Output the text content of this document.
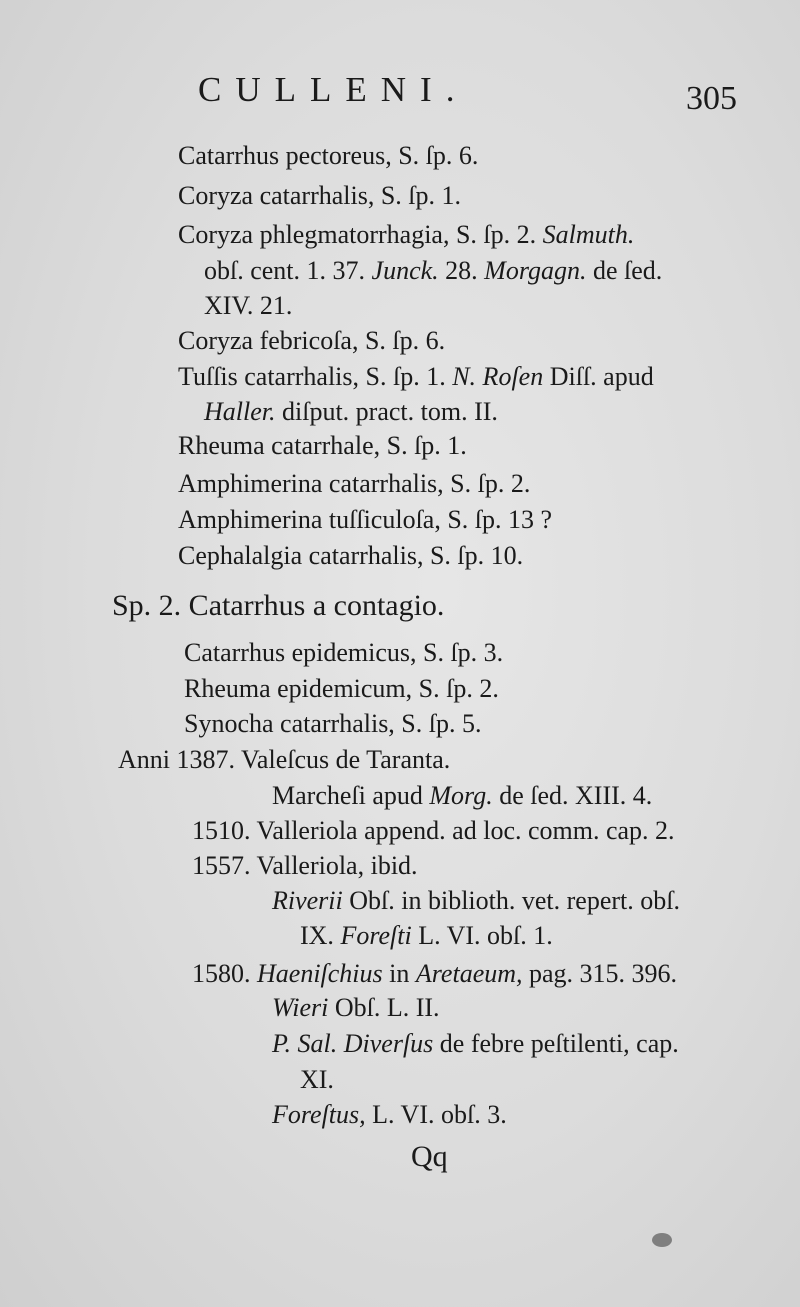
CULLENI.	305
Catarrhus pectoreus, S. ſp. 6.
Coryza catarrhalis, S. ſp. 1.
Coryza phlegmatorrhagia, S. ſp. 2. Salmuth.
obſ. cent. 1. 37. Junck. 28. Morgagn. de ſed.
XIV. 21.
Coryza febricoſa, S. ſp. 6.
Tuſſis catarrhalis, S. ſp. 1. N. Roſen Diſſ. apud
Haller. diſput. pract. tom. II.
Rheuma catarrhale, S. ſp. 1.
Amphimerina catarrhalis, S. ſp. 2.
Amphimerina tuſſiculoſa, S. ſp. 13 ?
Cephalalgia catarrhalis, S. ſp. 10.
Sp. 2. Catarrhus a contagio.
Catarrhus epidemicus, S. ſp. 3.
Rheuma epidemicum, S. ſp. 2.
Synocha catarrhalis, S. ſp. 5.
Anni 1387. Valeſcus de Taranta.
Marcheſi apud Morg. de ſed. XIII. 4.
1510. Valleriola append. ad loc. comm. cap. 2.
1557. Valleriola, ibid.
Riverii Obſ. in biblioth. vet. repert. obſ.
IX. Foreſti L. VI. obſ. 1.
1580. Haeniſchius in Aretaeum, pag. 315. 396.
Wieri Obſ. L. II.
P. Sal. Diverſus de febre peſtilenti, cap.
XI.
Foreſtus, L. VI. obſ. 3.
Qq
